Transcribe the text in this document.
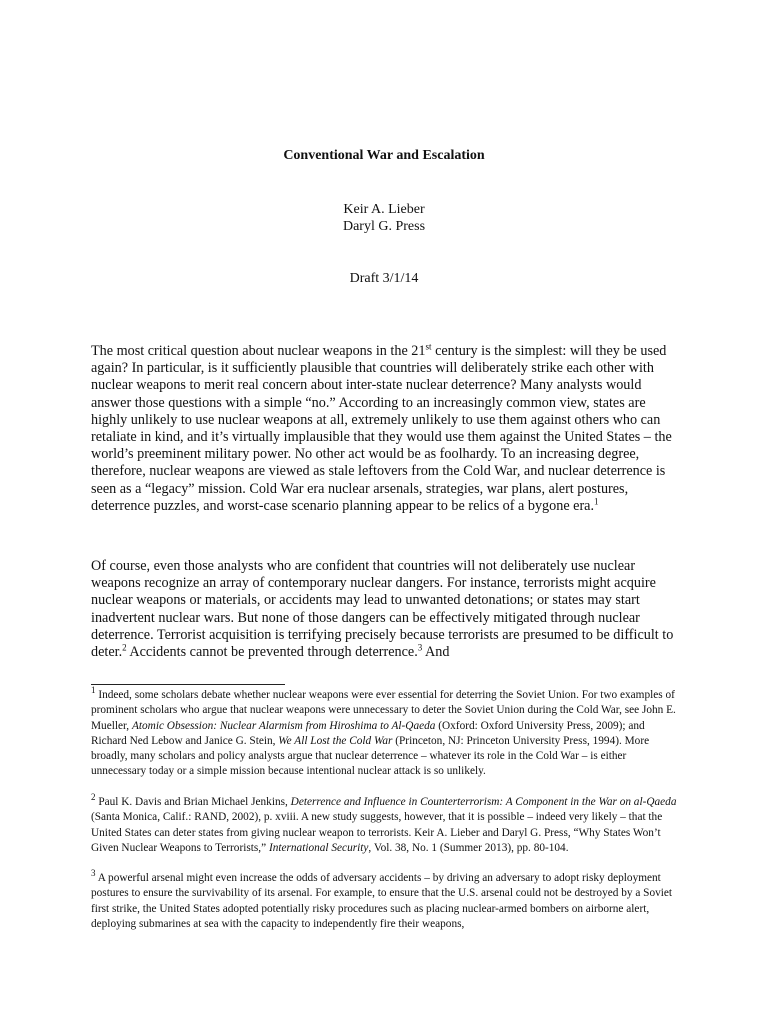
Conventional War and Escalation
Keir A. Lieber
Daryl G. Press
Draft 3/1/14

The most critical question about nuclear weapons in the 21st century is the simplest: will they be used again? In particular, is it sufficiently plausible that countries will deliberately strike each other with nuclear weapons to merit real concern about inter-state nuclear deterrence? Many analysts would answer those questions with a simple “no.” According to an increasingly common view, states are highly unlikely to use nuclear weapons at all, extremely unlikely to use them against others who can retaliate in kind, and it’s virtually implausible that they would use them against the United States – the world’s preeminent military power. No other act would be as foolhardy. To an increasing degree, therefore, nuclear weapons are viewed as stale leftovers from the Cold War, and nuclear deterrence is seen as a “legacy” mission. Cold War era nuclear arsenals, strategies, war plans, alert postures, deterrence puzzles, and worst-case scenario planning appear to be relics of a bygone era.$^1$

Of course, even those analysts who are confident that countries will not deliberately use nuclear weapons recognize an array of contemporary nuclear dangers. For instance, terrorists might acquire nuclear weapons or materials, or accidents may lead to unwanted detonations; or states may start inadvertent nuclear wars. But none of those dangers can be effectively mitigated through nuclear deterrence. Terrorist acquisition is terrifying precisely because terrorists are presumed to be difficult to deter.$^2$ Accidents cannot be prevented through deterrence.$^3$ And

$^1$ Indeed, some scholars debate whether nuclear weapons were ever essential for deterring the Soviet Union. For two examples of prominent scholars who argue that nuclear weapons were unnecessary to deter the Soviet Union during the Cold War, see John E. Mueller, Atomic Obsession: Nuclear Alarmism from Hiroshima to Al-Qaeda (Oxford: Oxford University Press, 2009); and Richard Ned Lebow and Janice G. Stein, We All Lost the Cold War (Princeton, NJ: Princeton University Press, 1994). More broadly, many scholars and policy analysts argue that nuclear deterrence – whatever its role in the Cold War – is either unnecessary today or a simple mission because intentional nuclear attack is so unlikely.

$^2$ Paul K. Davis and Brian Michael Jenkins, Deterrence and Influence in Counterterrorism: A Component in the War on al-Qaeda (Santa Monica, Calif.: RAND, 2002), p. xviii. A new study suggests, however, that it is possible – indeed very likely – that the United States can deter states from giving nuclear weapon to terrorists. Keir A. Lieber and Daryl G. Press, “Why States Won’t Given Nuclear Weapons to Terrorists,” International Security, Vol. 38, No. 1 (Summer 2013), pp. 80-104.

$^3$ A powerful arsenal might even increase the odds of adversary accidents – by driving an adversary to adopt risky deployment postures to ensure the survivability of its arsenal. For example, to ensure that the U.S. arsenal could not be destroyed by a Soviet first strike, the United States adopted potentially risky procedures such as placing nuclear-armed bombers on airborne alert, deploying submarines at sea with the capacity to independently fire their weapons,
